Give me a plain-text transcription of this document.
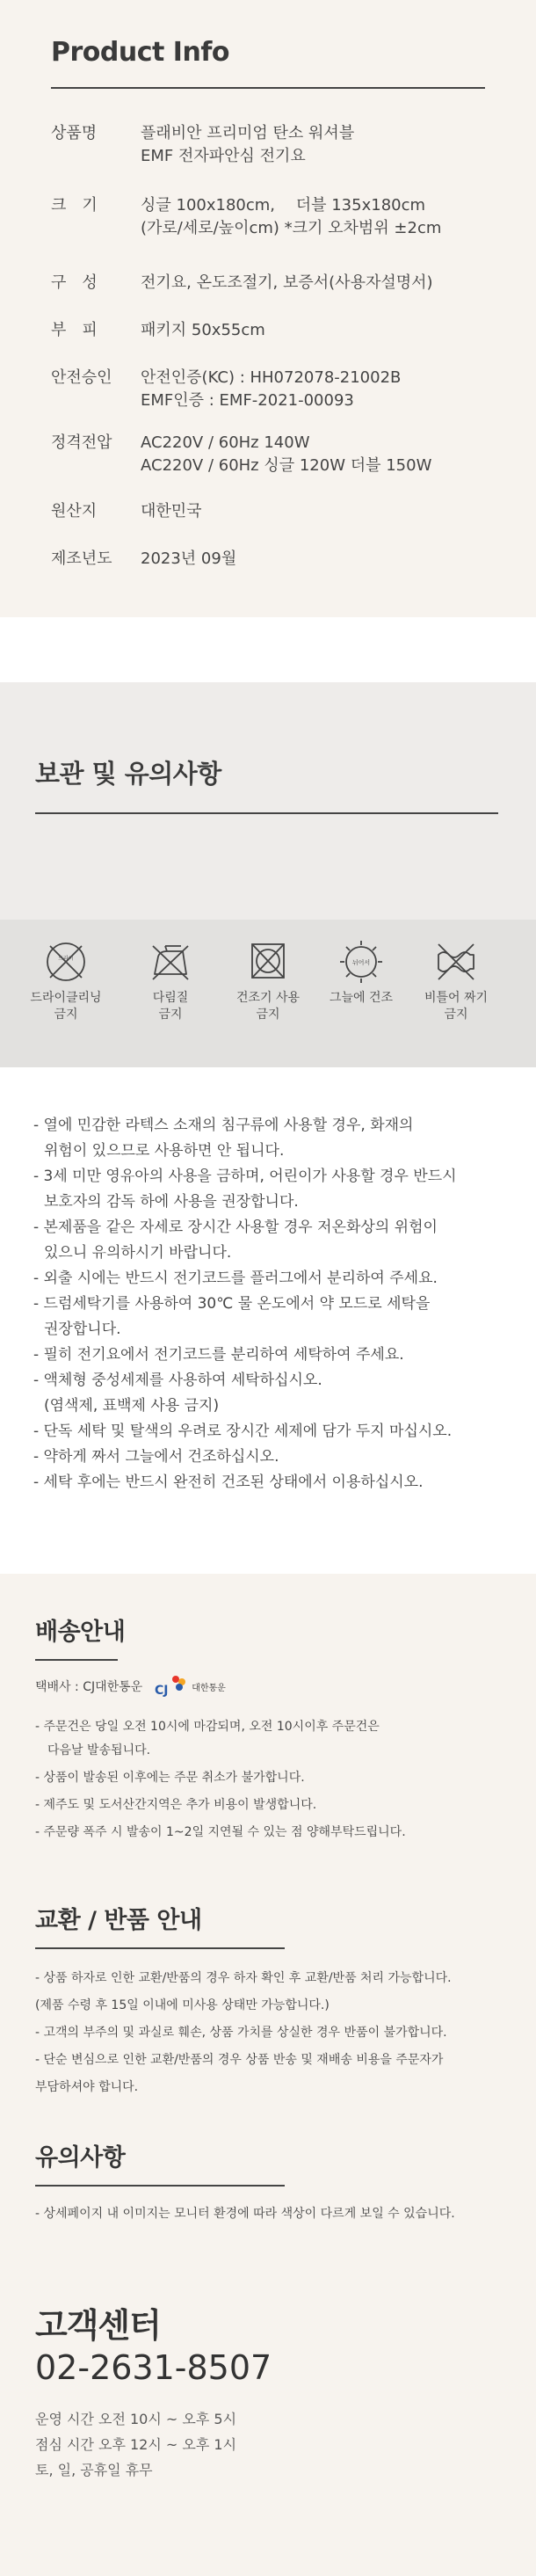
Product Info
상품명	플래비안 프리미엄 탄소 워셔블
EMF 전자파안심 전기요
크　기	싱글 100x180cm,　 더블 135x180cm
(가로/세로/높이cm) *크기 오차범위 ±2cm
구　성	전기요, 온도조절기, 보증서(사용자설명서)
부　피	패키지 50x55cm
안전승인	안전인증(KC) : HH072078-21002B
EMF인증 : EMF-2021-00093
정격전압	AC220V / 60Hz 140W
AC220V / 60Hz 싱글 120W 더블 150W
원산지	대한민국
제조년도	2023년 09월
보관 및 유의사항
드라이
드라이클리닝
금지
다림질
금지
건조기 사용
금지
뉘어서
그늘에 건조	비틀어 짜기
금지
- 열에 민감한 라텍스 소재의 침구류에 사용할 경우, 화재의
위험이 있으므로 사용하면 안 됩니다.
- 3세 미만 영유아의 사용을 금하며, 어린이가 사용할 경우 반드시
보호자의 감독 하에 사용을 권장합니다.
- 본제품을 같은 자세로 장시간 사용할 경우 저온화상의 위험이
있으니 유의하시기 바랍니다.
- 외출 시에는 반드시 전기코드를 플러그에서 분리하여 주세요.
- 드럼세탁기를 사용하여 30℃ 물 온도에서 약 모드로 세탁을
권장합니다.
- 필히 전기요에서 전기코드를 분리하여 세탁하여 주세요.
- 액체형 중성세제를 사용하여 세탁하십시오.
(염색제, 표백제 사용 금지)
- 단독 세탁 및 탈색의 우려로 장시간 세제에 담가 두지 마십시오.
- 약하게 짜서 그늘에서 건조하십시오.
- 세탁 후에는 반드시 완전히 건조된 상태에서 이용하십시오.
배송안내
택배사 : CJ대한통운 CJ	대한통운
- 주문건은 당일 오전 10시에 마감되며, 오전 10시이후 주문건은
다음날 발송됩니다.
- 상품이 발송된 이후에는 주문 취소가 불가합니다.
- 제주도 및 도서산간지역은 추가 비용이 발생합니다.
- 주문량 폭주 시 발송이 1~2일 지연될 수 있는 점 양해부탁드립니다.
교환 / 반품 안내
- 상품 하자로 인한 교환/반품의 경우 하자 확인 후 교환/반품 처리 가능합니다.
(제품 수령 후 15일 이내에 미사용 상태만 가능합니다.)
- 고객의 부주의 및 과실로 훼손, 상품 가치를 상실한 경우 반품이 불가합니다.
- 단순 변심으로 인한 교환/반품의 경우 상품 반송 및 재배송 비용을 주문자가
부담하셔야 합니다.
유의사항
- 상세페이지 내 이미지는 모니터 환경에 따라 색상이 다르게 보일 수 있습니다.
고객센터
02-2631-8507
운영 시간 오전 10시 ~ 오후 5시
점심 시간 오후 12시 ~ 오후 1시
토, 일, 공휴일 휴무
